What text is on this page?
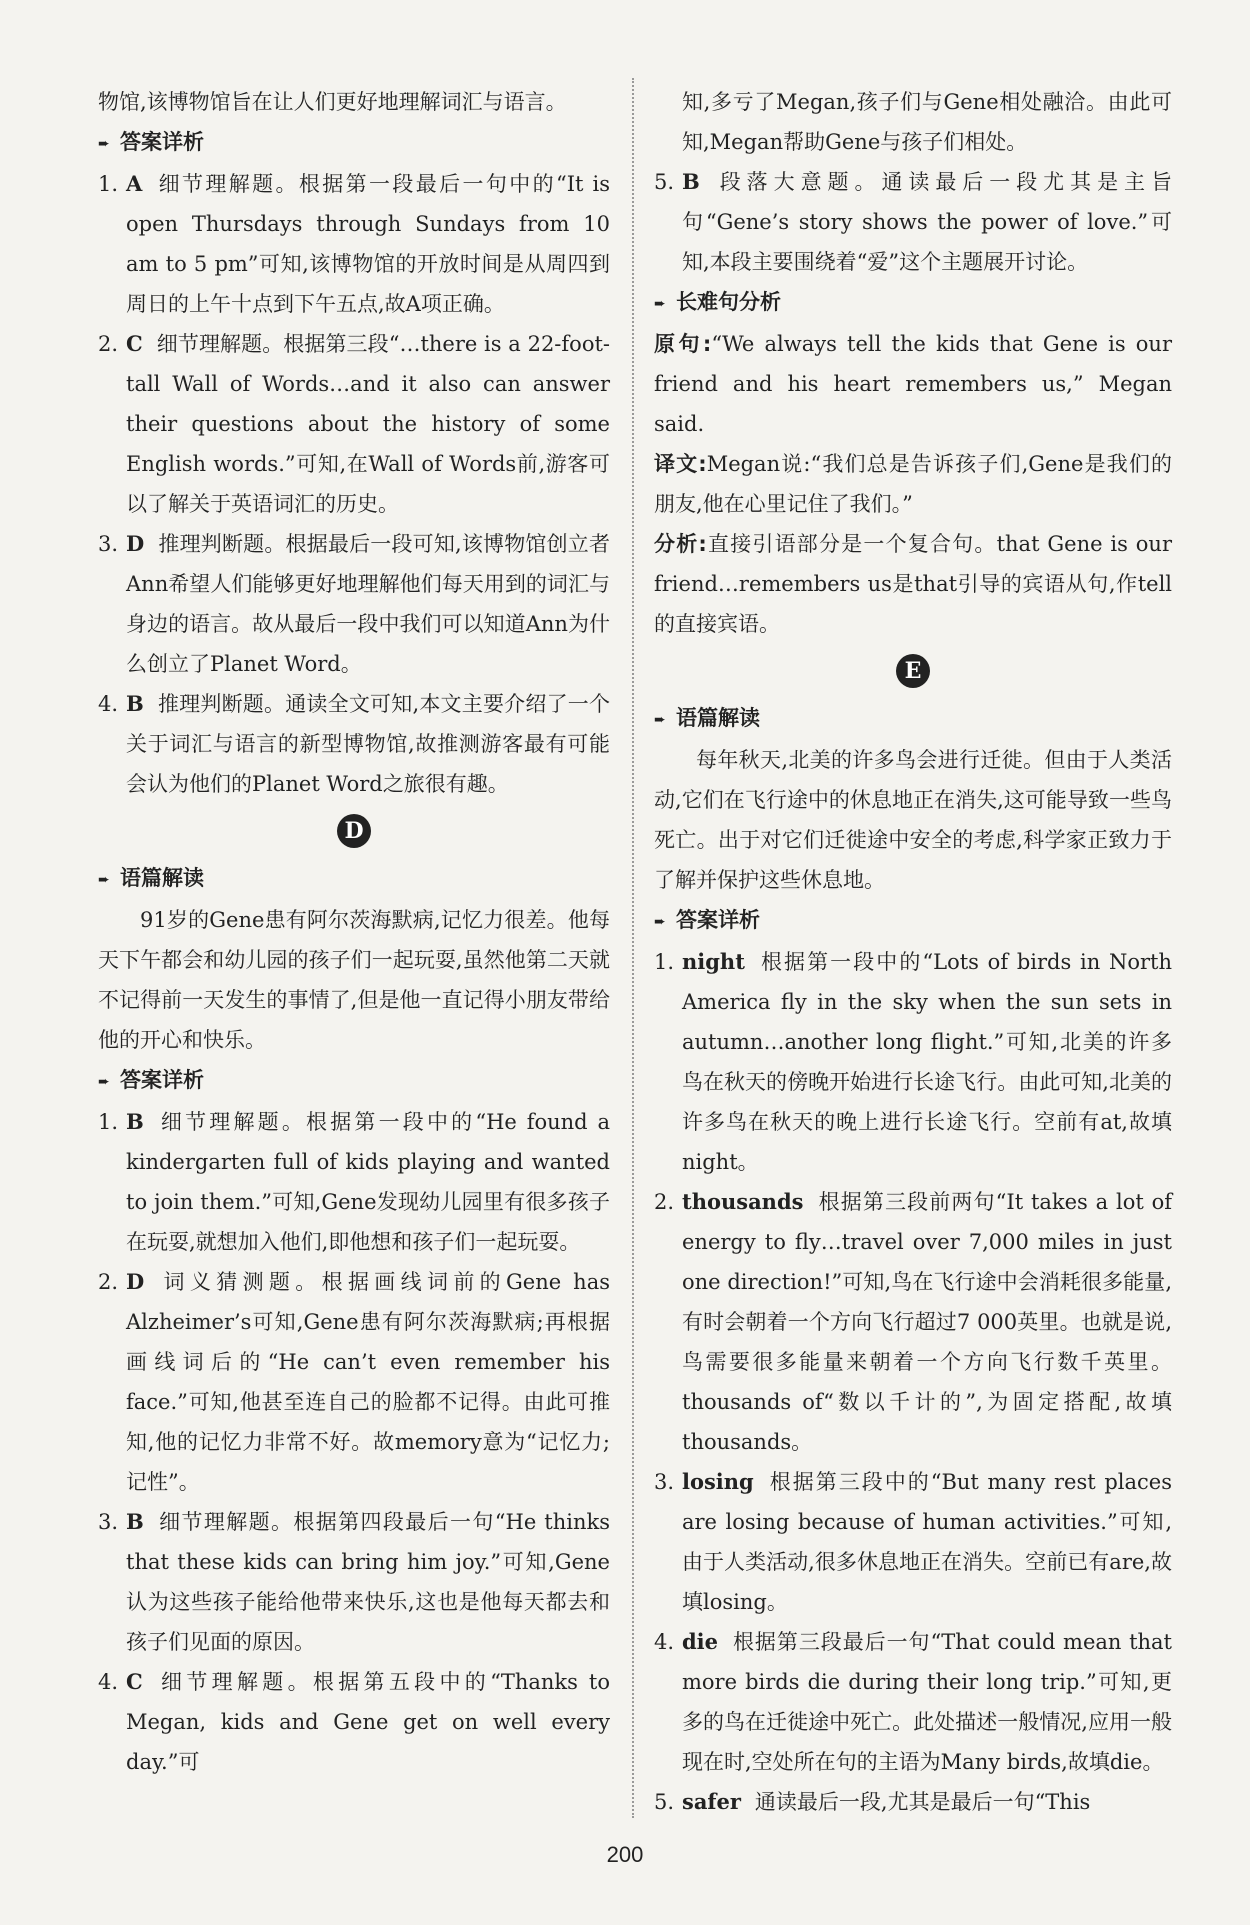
物馆,该博物馆旨在让人们更好地理解词汇与语言。

➨ 答案详析
1. A 细节理解题。根据第一段最后一句中的“It is open Thursdays through Sundays from 10 am to 5 pm”可知,该博物馆的开放时间是从周四到周日的上午十点到下午五点,故A项正确。
2. C 细节理解题。根据第三段“…there is a 22-foot-tall Wall of Words…and it also can answer their questions about the history of some English words.”可知,在Wall of Words前,游客可以了解关于英语词汇的历史。
3. D 推理判断题。根据最后一段可知,该博物馆创立者Ann希望人们能够更好地理解他们每天用到的词汇与身边的语言。故从最后一段中我们可以知道Ann为什么创立了Planet Word。
4. B 推理判断题。通读全文可知,本文主要介绍了一个关于词汇与语言的新型博物馆,故推测游客最有可能会认为他们的Planet Word之旅很有趣。
D
➨ 语篇解读

91岁的Gene患有阿尔茨海默病,记忆力很差。他每天下午都会和幼儿园的孩子们一起玩耍,虽然他第二天就不记得前一天发生的事情了,但是他一直记得小朋友带给他的开心和快乐。

➨ 答案详析
1. B 细节理解题。根据第一段中的“He found a kindergarten full of kids playing and wanted to join them.”可知,Gene发现幼儿园里有很多孩子在玩耍,就想加入他们,即他想和孩子们一起玩耍。
2. D 词义猜测题。根据画线词前的Gene has Alzheimer’s可知,Gene患有阿尔茨海默病;再根据画线词后的“He can’t even remember his face.”可知,他甚至连自己的脸都不记得。由此可推知,他的记忆力非常不好。故memory意为“记忆力;记性”。
3. B 细节理解题。根据第四段最后一句“He thinks that these kids can bring him joy.”可知,Gene认为这些孩子能给他带来快乐,这也是他每天都去和孩子们见面的原因。
4. C 细节理解题。根据第五段中的“Thanks to Megan, kids and Gene get on well every day.”可
知,多亏了Megan,孩子们与Gene相处融洽。由此可知,Megan帮助Gene与孩子们相处。
5. B 段落大意题。通读最后一段尤其是主旨句“Gene’s story shows the power of love.”可知,本段主要围绕着“爱”这个主题展开讨论。
➨ 长难句分析

原句:“We always tell the kids that Gene is our friend and his heart remembers us,” Megan said.

译文:Megan说:“我们总是告诉孩子们,Gene是我们的朋友,他在心里记住了我们。”

分析:直接引语部分是一个复合句。that Gene is our friend…remembers us是that引导的宾语从句,作tell的直接宾语。

E
➨ 语篇解读

每年秋天,北美的许多鸟会进行迁徙。但由于人类活动,它们在飞行途中的休息地正在消失,这可能导致一些鸟死亡。出于对它们迁徙途中安全的考虑,科学家正致力于了解并保护这些休息地。

➨ 答案详析
1. night 根据第一段中的“Lots of birds in North America fly in the sky when the sun sets in autumn…another long flight.”可知,北美的许多鸟在秋天的傍晚开始进行长途飞行。由此可知,北美的许多鸟在秋天的晚上进行长途飞行。空前有at,故填night。
2. thousands 根据第三段前两句“It takes a lot of energy to fly…travel over 7,000 miles in just one direction!”可知,鸟在飞行途中会消耗很多能量,有时会朝着一个方向飞行超过7 000英里。也就是说,鸟需要很多能量来朝着一个方向飞行数千英里。thousands of“数以千计的”,为固定搭配,故填thousands。
3. losing 根据第三段中的“But many rest places are losing because of human activities.”可知,由于人类活动,很多休息地正在消失。空前已有are,故填losing。
4. die 根据第三段最后一句“That could mean that more birds die during their long trip.”可知,更多的鸟在迁徙途中死亡。此处描述一般情况,应用一般现在时,空处所在句的主语为Many birds,故填die。
5. safer 通读最后一段,尤其是最后一句“This
200
